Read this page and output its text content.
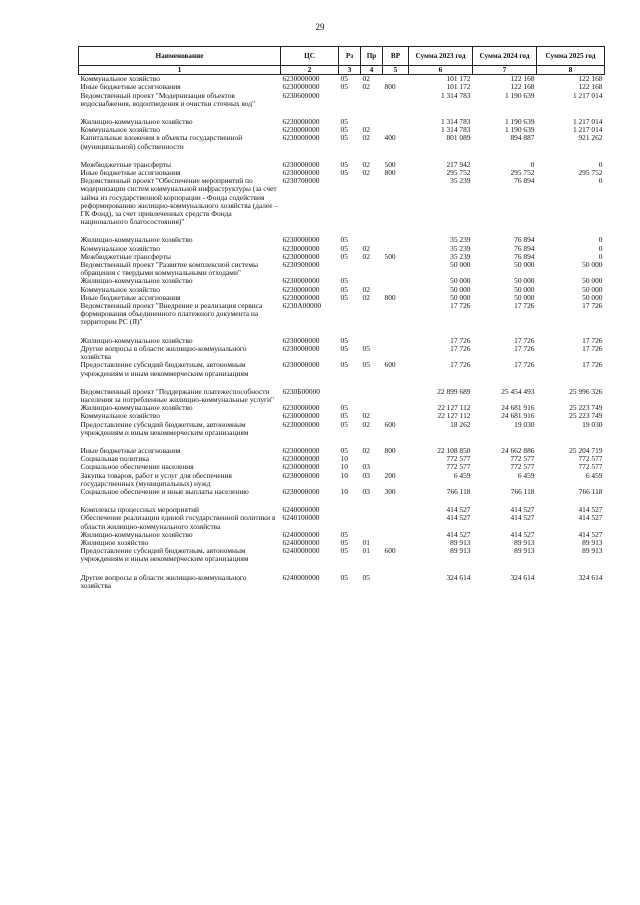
29
Наименование	ЦС	Рз	Пр	ВР	Сумма 2023 год	Сумма 2024 год	Сумма 2025 год
1	2	3	4	5	6	7	8
Коммунальное хозяйство	6230000000	05	02		101 172	122 168	122 168
Иные бюджетные ассигнования	6230000000	05	02	800	101 172	122 168	122 168
Ведомственный проект "Модернизация объектов водоснабжения, водоотведения и очистки сточных вод"	6230600000				1 314 783	1 190 639	1 217 014

Жилищно-коммунальное хозяйство	6230000000	05			1 314 783	1 190 639	1 217 014
Коммунальное хозяйство	6230000000	05	02		1 314 783	1 190 639	1 217 014
Капитальные вложения в объекты государственной (муниципальной) собственности	6230000000	05	02	400	801 089	894 887	921 262

Межбюджетные трансферты	6230000000	05	02	500	217 942	0	0
Иные бюджетные ассигнования	6230000000	05	02	800	295 752	295 752	295 752
Ведомственный проект "Обеспечение мероприятий по модернизации систем коммунальной инфраструктуры (за счет займа из государственной корпорации - Фонда содействия реформированию жилищно-коммунального хозяйства (далее – ГК Фонд), за счет привлеченных средств Фонда национального благосостояния)"	6230700000				35 239	76 894	0

Жилищно-коммунальное хозяйство	6230000000	05			35 239	76 894	0
Коммунальное хозяйство	6230000000	05	02		35 239	76 894	0
Межбюджетные трансферты	6230000000	05	02	500	35 239	76 894	0
Ведомственный проект "Развитие комплексной системы обращения с твердыми коммунальными отходами"	6230900000				50 000	50 000	50 000
Жилищно-коммунальное хозяйство	6230000000	05			50 000	50 000	50 000
Коммунальное хозяйство	6230000000	05	02		50 000	50 000	50 000
Иные бюджетные ассигнования	6230000000	05	02	800	50 000	50 000	50 000
Ведомственный проект "Внедрение и реализация сервиса формирования объединенного платежного документа на территории РС (Я)"	6230А00000				17 726	17 726	17 726

Жилищно-коммунальное хозяйство	6230000000	05			17 726	17 726	17 726
Другие вопросы в области жилищно-коммунального хозяйства	6230000000	05	05		17 726	17 726	17 726
Предоставление субсидий бюджетным, автономным учреждениям и иным некоммерческим организациям	6230000000	05	05	600	17 726	17 726	17 726

Ведомственный проект "Поддержание платежеспособности населения за потребленные жилищно-коммунальные услуги"	6230Б00000				22 899 689	25 454 493	25 996 326
Жилищно-коммунальное хозяйство	6230000000	05			22 127 112	24 681 916	25 223 749
Коммунальное хозяйство	6230000000	05	02		22 127 112	24 681 916	25 223 749
Предоставление субсидий бюджетным, автономным учреждениям и иным некоммерческим организациям	6230000000	05	02	600	18 262	19 030	19 030

Иные бюджетные ассигнования	6230000000	05	02	800	22 108 850	24 662 886	25 204 719
Социальная политика	6230000000	10			772 577	772 577	772 577
Социальное обеспечение населения	6230000000	10	03		772 577	772 577	772 577
Закупка товаров, работ и услуг для обеспечения государственных (муниципальных) нужд	6230000000	10	03	200	6 459	6 459	6 459
Социальное обеспечение и иные выплаты населению	6230000000	10	03	300	766 118	766 118	766 118

Комплексы процессных мероприятий	6240000000				414 527	414 527	414 527
Обеспечение реализации единой государственной политики в области жилищно-коммунального хозяйства	6240100000				414 527	414 527	414 527
Жилищно-коммунальное хозяйство	6240000000	05			414 527	414 527	414 527
Жилищное хозяйство	6240000000	05	01		89 913	89 913	89 913
Предоставление субсидий бюджетным, автономным учреждениям и иным некоммерческим организациям	6240000000	05	01	600	89 913	89 913	89 913

Другие вопросы в области жилищно-коммунального хозяйства	6240000000	05	05		324 614	324 614	324 614
